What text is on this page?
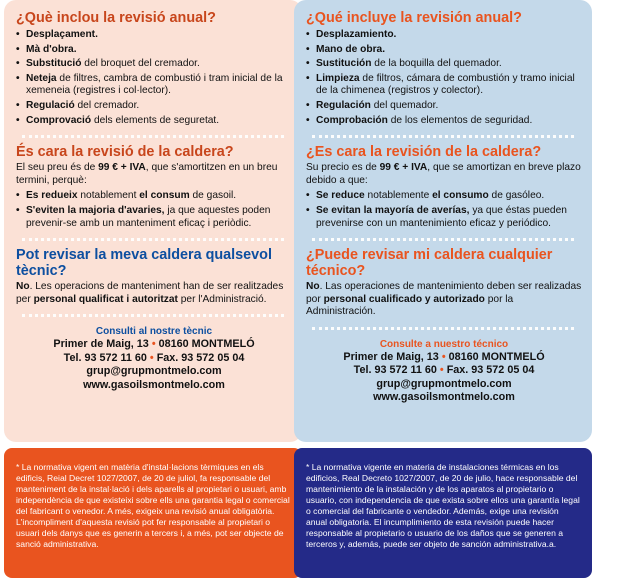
¿Què inclou la revisió anual?
• Desplaçament.
• Mà d'obra.
• Substitució del broquet del cremador.
• Neteja de filtres, cambra de combustió i tram inicial de la xemeneia (registres i col·lector).
• Regulació del cremador.
• Comprovació dels elements de seguretat.
És cara la revisió de la caldera?

El seu preu és de 99 € + IVA, que s'amortitzen en un breu termini, perquè:

• Es redueix notablement el consum de gasoil.
• S'eviten la majoria d'avaries, ja que aquestes poden prevenir-se amb un manteniment eficaç i periòdic.
Pot revisar la meva caldera qualsevol tècnic?

No. Les operacions de manteniment han de ser realitzades per personal qualificat i autoritzat per l'Administració.

Consulti al nostre tècnic
Primer de Maig, 13 • 08160 MONTMELÓ
Tel. 93 572 11 60 • Fax. 93 572 05 04
grup@grupmontmelo.com
www.gasoilsmontmelo.com

* La normativa vigent en matèria d'instal·lacions tèrmiques en els edificis, Reial Decret 1027/2007, de 20 de juliol, fa responsable del manteniment de la instal·lació i dels aparells al propietari o usuari, amb independència de que existeixi sobre ells una garantia legal o comercial del fabricant o venedor. A més, exigeix una revisió anual obligatòria. L'incompliment d'aquesta revisió pot fer responsable al propietari o usuari dels danys que es generin a tercers i, a més, pot ser objecte de sanció administrativa.

¿Qué incluye la revisión anual?
• Desplazamiento.
• Mano de obra.
• Sustitución de la boquilla del quemador.
• Limpieza de filtros, cámara de combustión y tramo inicial de la chimenea (registros y colector).
• Regulación del quemador.
• Comprobación de los elementos de seguridad.
¿Es cara la revisión de la caldera?

Su precio es de 99 € + IVA, que se amortizan en breve plazo debido a que:

• Se reduce notablemente el consumo de gasóleo.
• Se evitan la mayoría de averías, ya que éstas pueden prevenirse con un mantenimiento eficaz y periódico.
¿Puede revisar mi caldera cualquier técnico?

No. Las operaciones de mantenimiento deben ser realizadas por personal cualificado y autorizado por la Administración.

Consulte a nuestro técnico
Primer de Maig, 13 • 08160 MONTMELÓ
Tel. 93 572 11 60 • Fax. 93 572 05 04
grup@grupmontmelo.com
www.gasoilsmontmelo.com

* La normativa vigente en materia de instalaciones térmicas en los edificios, Real Decreto 1027/2007, de 20 de julio, hace responsable del mantenimiento de la instalación y de los aparatos al propietario o usuario, con independencia de que exista sobre ellos una garantía legal o comercial del fabricante o vendedor. Además, exige una revisión anual obligatoria. El incumplimiento de esta revisión puede hacer responsable al propietario o usuario de los daños que se generen a terceros y, además, puede ser objeto de sanción administrativa.a.
